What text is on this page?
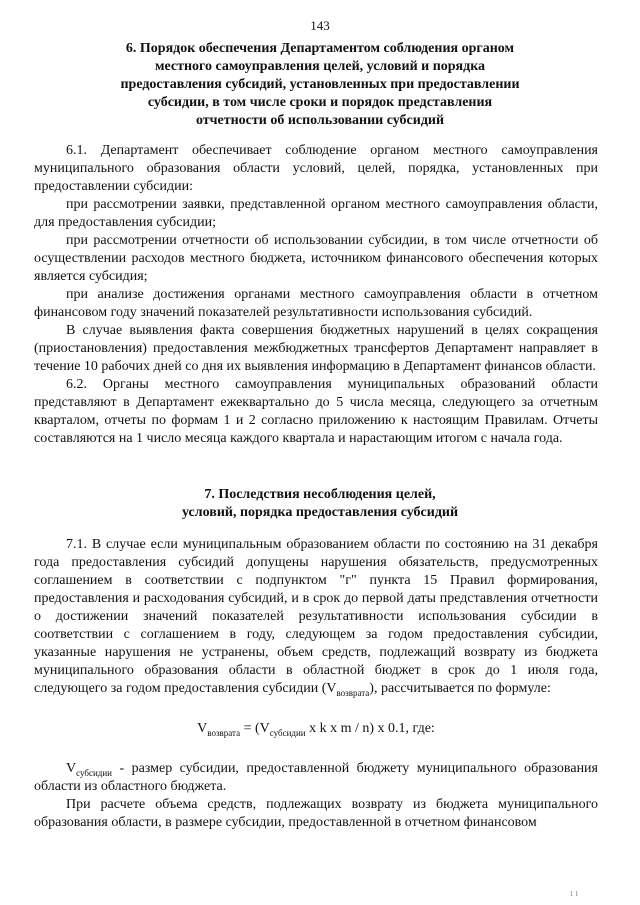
143
6. Порядок обеспечения Департаментом соблюдения органом
местного самоуправления целей, условий и порядка
предоставления субсидий, установленных при предоставлении
субсидии, в том числе сроки и порядок представления
отчетности об использовании субсидий

6.1. Департамент обеспечивает соблюдение органом местного самоуправления муниципального образования области условий, целей, порядка, установленных при предоставлении субсидии:

при рассмотрении заявки, представленной органом местного самоуправления области, для предоставления субсидии;

при рассмотрении отчетности об использовании субсидии, в том числе отчетности об осуществлении расходов местного бюджета, источником финансового обеспечения которых является субсидия;

при анализе достижения органами местного самоуправления области в отчетном финансовом году значений показателей результативности использования субсидий.

В случае выявления факта совершения бюджетных нарушений в целях сокращения (приостановления) предоставления межбюджетных трансфертов Департамент направляет в течение 10 рабочих дней со дня их выявления информацию в Департамент финансов области.

6.2. Органы местного самоуправления муниципальных образований области представляют в Департамент ежеквартально до 5 числа месяца, следующего за отчетным кварталом, отчеты по формам 1 и 2 согласно приложению к настоящим Правилам. Отчеты составляются на 1 число месяца каждого квартала и нарастающим итогом с начала года.

7. Последствия несоблюдения целей,
условий, порядка предоставления субсидий

7.1. В случае если муниципальным образованием области по состоянию на 31 декабря года предоставления субсидий допущены нарушения обязательств, предусмотренных соглашением в соответствии с подпунктом "г" пункта 15 Правил формирования, предоставления и расходования субсидий, и в срок до первой даты представления отчетности о достижении значений показателей результативности использования субсидии в соответствии с соглашением в году, следующем за годом предоставления субсидии, указанные нарушения не устранены, объем средств, подлежащий возврату из бюджета муниципального образования области в областной бюджет в срок до 1 июля года, следующего за годом предоставления субсидии $(V_{возврата})$, рассчитывается по формуле:

$V_{возврата} = (V_{субсидии}$ x k x m / n) x 0.1, где:

$V_{субсидии}$ - размер субсидии, предоставленной бюджету муниципального образования области из областного бюджета.

При расчете объема средств, подлежащих возврату из бюджета муниципального образования области, в размере субсидии, предоставленной в отчетном финансовом

ı ı
